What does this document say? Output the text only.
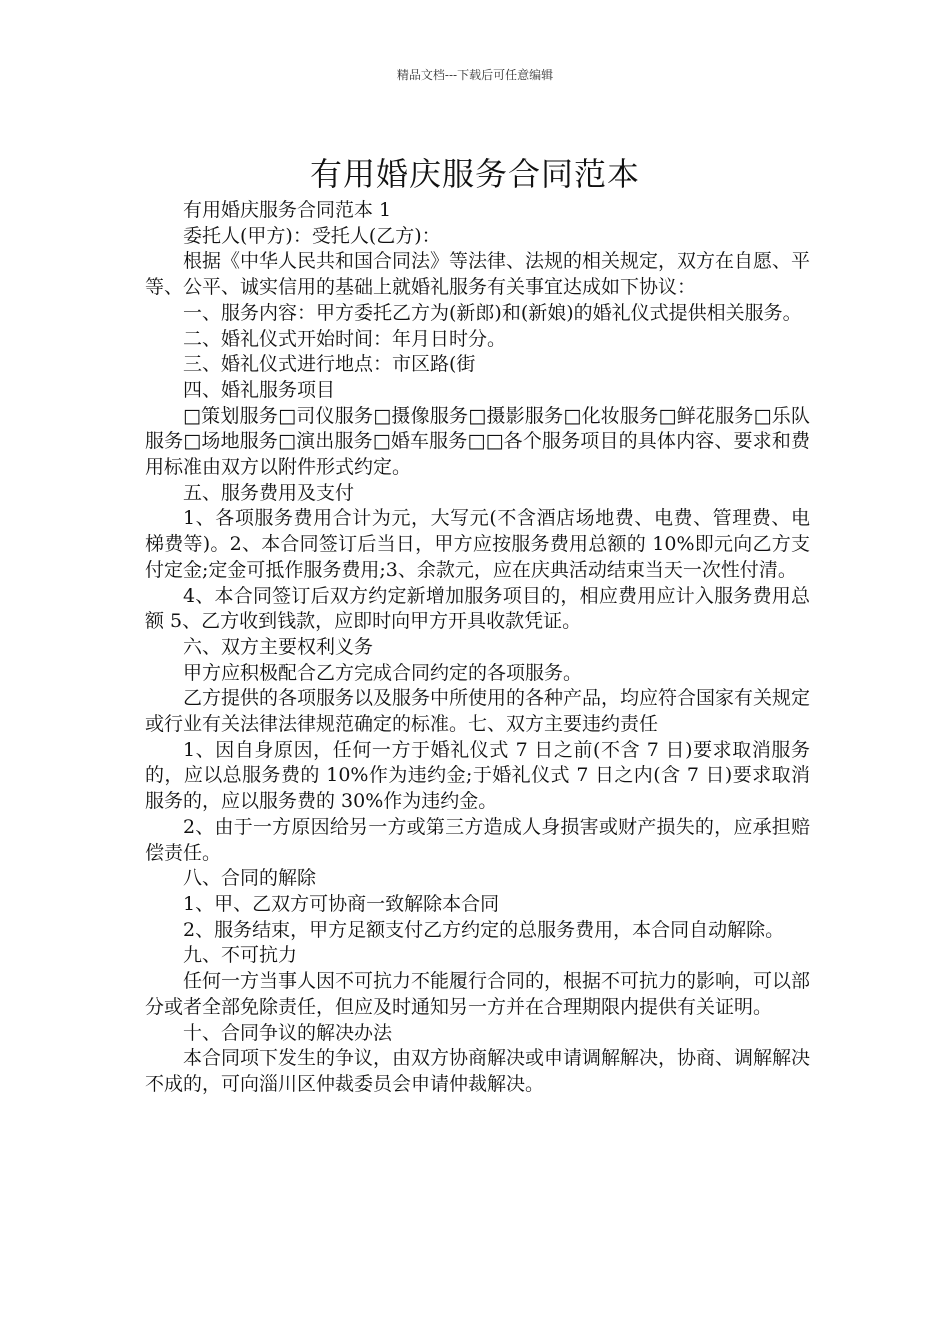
精品文档---下载后可任意编辑
有用婚庆服务合同范本

有用婚庆服务合同范本 1

委托人(甲方)：受托人(乙方)：

根据《中华人民共和国合同法》等法律、法规的相关规定，双方在自愿、平等、公平、诚实信用的基础上就婚礼服务有关事宜达成如下协议：

一、服务内容：甲方委托乙方为(新郎)和(新娘)的婚礼仪式提供相关服务。

二、婚礼仪式开始时间：年月日时分。

三、婚礼仪式进行地点：市区路(街

四、婚礼服务项目

□策划服务□司仪服务□摄像服务□摄影服务□化妆服务□鲜花服务□乐队服务□场地服务□演出服务□婚车服务□□各个服务项目的具体内容、要求和费用标准由双方以附件形式约定。

五、服务费用及支付

1、各项服务费用合计为元，大写元(不含酒店场地费、电费、管理费、电梯费等)。2、本合同签订后当日，甲方应按服务费用总额的 10%即元向乙方支付定金;定金可抵作服务费用;3、余款元，应在庆典活动结束当天一次性付清。

4、本合同签订后双方约定新增加服务项目的，相应费用应计入服务费用总额 5、乙方收到钱款，应即时向甲方开具收款凭证。

六、双方主要权利义务

甲方应积极配合乙方完成合同约定的各项服务。

乙方提供的各项服务以及服务中所使用的各种产品，均应符合国家有关规定或行业有关法律法律规范确定的标准。七、双方主要违约责任

1、因自身原因，任何一方于婚礼仪式 7 日之前(不含 7 日)要求取消服务的，应以总服务费的 10%作为违约金;于婚礼仪式 7 日之内(含 7 日)要求取消服务的，应以服务费的 30%作为违约金。

2、由于一方原因给另一方或第三方造成人身损害或财产损失的，应承担赔偿责任。

八、合同的解除

1、甲、乙双方可协商一致解除本合同

2、服务结束，甲方足额支付乙方约定的总服务费用，本合同自动解除。

九、不可抗力

任何一方当事人因不可抗力不能履行合同的，根据不可抗力的影响，可以部分或者全部免除责任，但应及时通知另一方并在合理期限内提供有关证明。

十、合同争议的解决办法

本合同项下发生的争议，由双方协商解决或申请调解解决，协商、调解解决不成的，可向淄川区仲裁委员会申请仲裁解决。
